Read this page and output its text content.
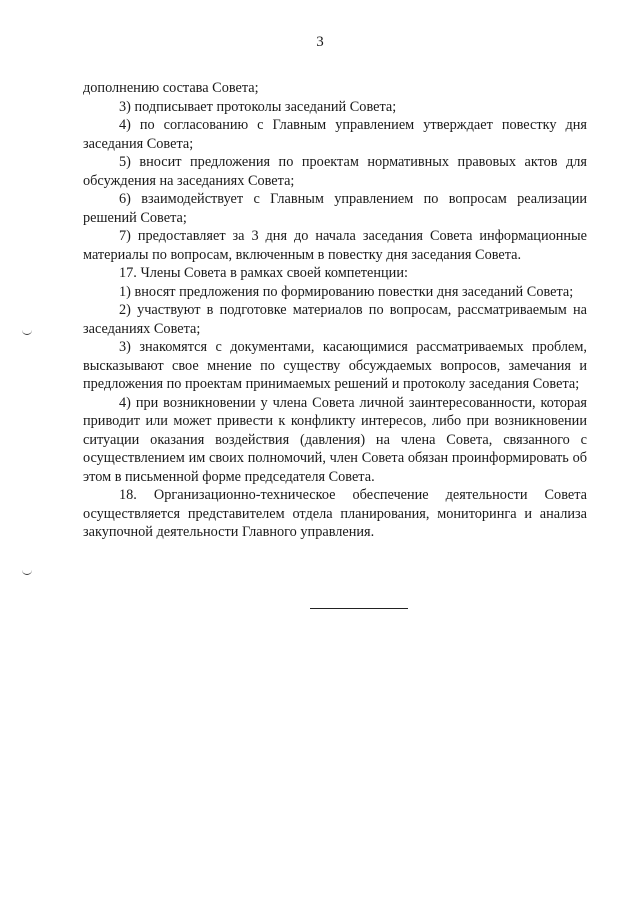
3

дополнению состава Совета;

3) подписывает протоколы заседаний Совета;

4) по согласованию с Главным управлением утверждает повестку дня заседания Совета;

5) вносит предложения по проектам нормативных правовых актов для обсуждения на заседаниях Совета;

6) взаимодействует с Главным управлением по вопросам реализации решений Совета;

7) предоставляет за 3 дня до начала заседания Совета информационные материалы по вопросам, включенным в повестку дня заседания Совета.

17. Члены Совета в рамках своей компетенции:

1) вносят предложения по формированию повестки дня заседаний Совета;

2) участвуют в подготовке материалов по вопросам, рассматриваемым на заседаниях Совета;

3) знакомятся с документами, касающимися рассматриваемых проблем, высказывают свое мнение по существу обсуждаемых вопросов, замечания и предложения по проектам принимаемых решений и протоколу заседания Совета;

4) при возникновении у члена Совета личной заинтересованности, которая приводит или может привести к конфликту интересов, либо при возникновении ситуации оказания воздействия (давления) на члена Совета, связанного с осуществлением им своих полномочий, член Совета обязан проинформировать об этом в письменной форме председателя Совета.

18. Организационно-техническое обеспечение деятельности Совета осуществляется представителем отдела планирования, мониторинга и анализа закупочной деятельности Главного управления.
